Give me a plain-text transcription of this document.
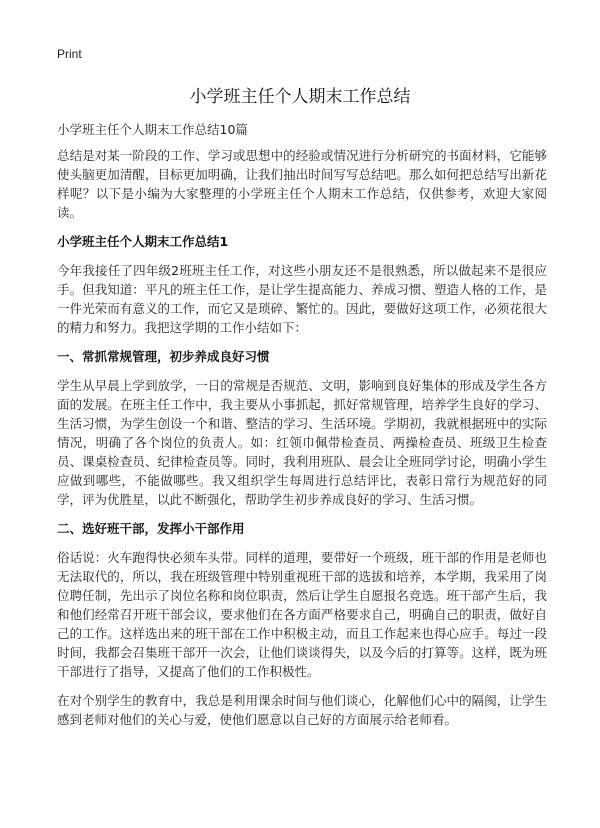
Print
小学班主任个人期末工作总结

小学班主任个人期末工作总结10篇

总结是对某一阶段的工作、学习或思想中的经验或情况进行分析研究的书面材料，它能够使头脑更加清醒，目标更加明确，让我们抽出时间写写总结吧。那么如何把总结写出新花样呢？以下是小编为大家整理的小学班主任个人期末工作总结，仅供参考，欢迎大家阅读。

小学班主任个人期末工作总结1

今年我接任了四年级2班班主任工作，对这些小朋友还不是很熟悉，所以做起来不是很应手。但我知道：平凡的班主任工作，是让学生提高能力、养成习惯、塑造人格的工作，是一件光荣而有意义的工作，而它又是琐碎、繁忙的。因此，要做好这项工作，必须花很大的精力和努力。我把这学期的工作小结如下：

一、常抓常规管理，初步养成良好习惯

学生从早晨上学到放学，一日的常规是否规范、文明，影响到良好集体的形成及学生各方面的发展。在班主任工作中，我主要从小事抓起，抓好常规管理，培养学生良好的学习、生活习惯，为学生创设一个和谐、整洁的学习、生活环境。学期初，我就根据班中的实际情况，明确了各个岗位的负责人。如：红领巾佩带检查员、两操检查员、班级卫生检查员、课桌检查员、纪律检查员等。同时，我利用班队、晨会让全班同学讨论，明确小学生应做到哪些，不能做哪些。我又组织学生每周进行总结评比，表彰日常行为规范好的同学，评为优胜星，以此不断强化，帮助学生初步养成良好的学习、生活习惯。

二、选好班干部，发挥小干部作用

俗话说：火车跑得快必须车头带。同样的道理，要带好一个班级，班干部的作用是老师也无法取代的，所以，我在班级管理中特别重视班干部的选拔和培养，本学期，我采用了岗位聘任制，先出示了岗位名称和岗位职责，然后让学生自愿报名竞选。班干部产生后，我和他们经常召开班干部会议，要求他们在各方面严格要求自己，明确自己的职责，做好自己的工作。这样选出来的班干部在工作中积极主动，而且工作起来也得心应手。每过一段时间，我都会召集班干部开一次会，让他们谈谈得失，以及今后的打算等。这样，既为班干部进行了指导，又提高了他们的工作积极性。

在对个别学生的教育中，我总是利用课余时间与他们谈心，化解他们心中的隔阂，让学生感到老师对他们的关心与爱，使他们愿意以自己好的方面展示给老师看。
